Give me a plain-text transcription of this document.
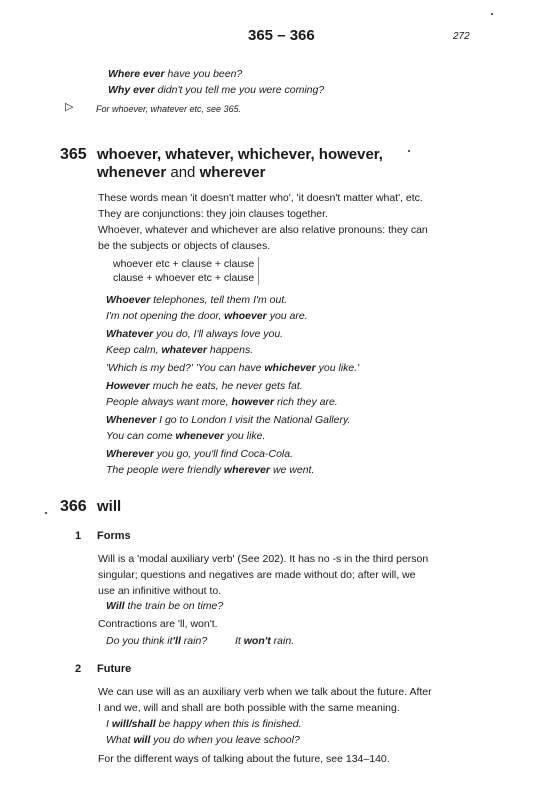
365 – 366	272
Where ever have you been?
Why ever didn't you tell me you were coming?
▷	For whoever, whatever etc, see 365.
365 whoever, whatever, whichever, however,
whenever and wherever
These words mean 'it doesn't matter who', 'it doesn't matter what', etc.
They are conjunctions: they join clauses together.
Whoever, whatever and whichever are also relative pronouns: they can
be the subjects or objects of clauses.
whoever etc + clause + clause
clause + whoever etc + clause
Whoever telephones, tell them I'm out.
I'm not opening the door, whoever you are.
Whatever you do, I'll always love you.
Keep calm, whatever happens.
'Which is my bed?' 'You can have whichever you like.'
However much he eats, he never gets fat.
People always want more, however rich they are.
Whenever I go to London I visit the National Gallery.
You can come whenever you like.
Wherever you go, you'll find Coca-Cola.
The people were friendly wherever we went.
366 will
1 Forms
Will is a 'modal auxiliary verb' (See 202). It has no -s in the third person
singular; questions and negatives are made without do; after will, we
use an infinitive without to.
Will the train be on time?
Contractions are 'll, won't.
Do you think it'll rain?	It won't rain.
2 Future
We can use will as an auxiliary verb when we talk about the future. After
I and we, will and shall are both possible with the same meaning.
I will/shall be happy when this is finished.
What will you do when you leave school?
For the different ways of talking about the future, see 134–140.
